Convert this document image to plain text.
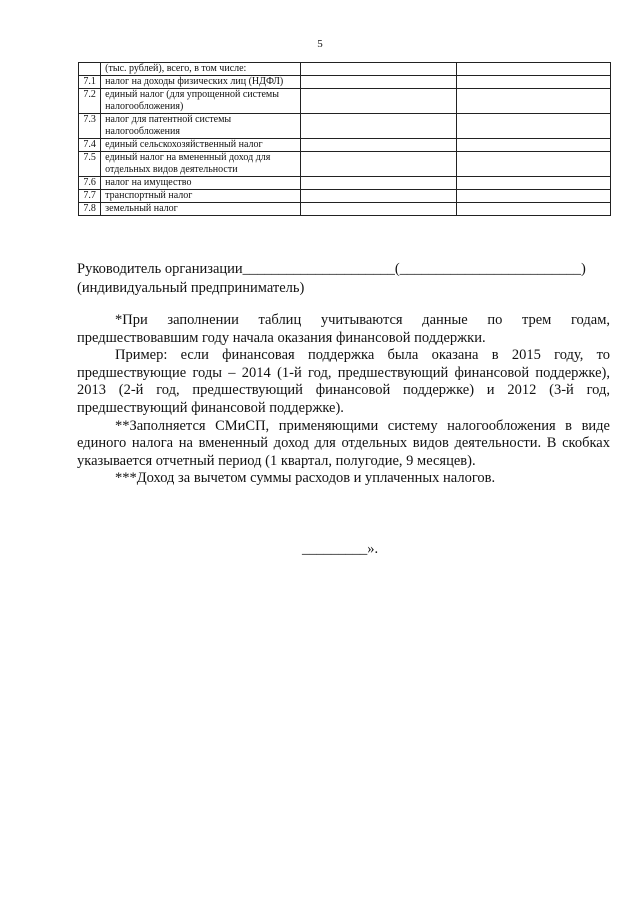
5
	(тыс. рублей), всего, в том числе:		
7.1	налог на доходы физических лиц (НДФЛ)		
7.2	единый налог (для упрощенной системы налогообложения)		
7.3	налог для патентной системы налогообложения		
7.4	единый сельскохозяйственный налог		
7.5	единый налог на вмененный доход для отдельных видов деятельности		
7.6	налог на имущество		
7.7	транспортный налог		
7.8	земельный налог		
Руководитель организации_____________________(_________________________)
(индивидуальный предприниматель)

*При заполнении таблиц учитываются данные по трем годам, предшествовавшим году начала оказания финансовой поддержки.

Пример: если финансовая поддержка была оказана в 2015 году, то предшествующие годы – 2014 (1-й год, предшествующий финансовой поддержке), 2013 (2-й год, предшествующий финансовой поддержке) и 2012 (3-й год, предшествующий финансовой поддержке).

**Заполняется СМиСП, применяющими систему налогообложения в виде единого налога на вмененный доход для отдельных видов деятельности. В скобках указывается отчетный период (1 квартал, полугодие, 9 месяцев).

***Доход за вычетом суммы расходов и уплаченных налогов.

_________».
